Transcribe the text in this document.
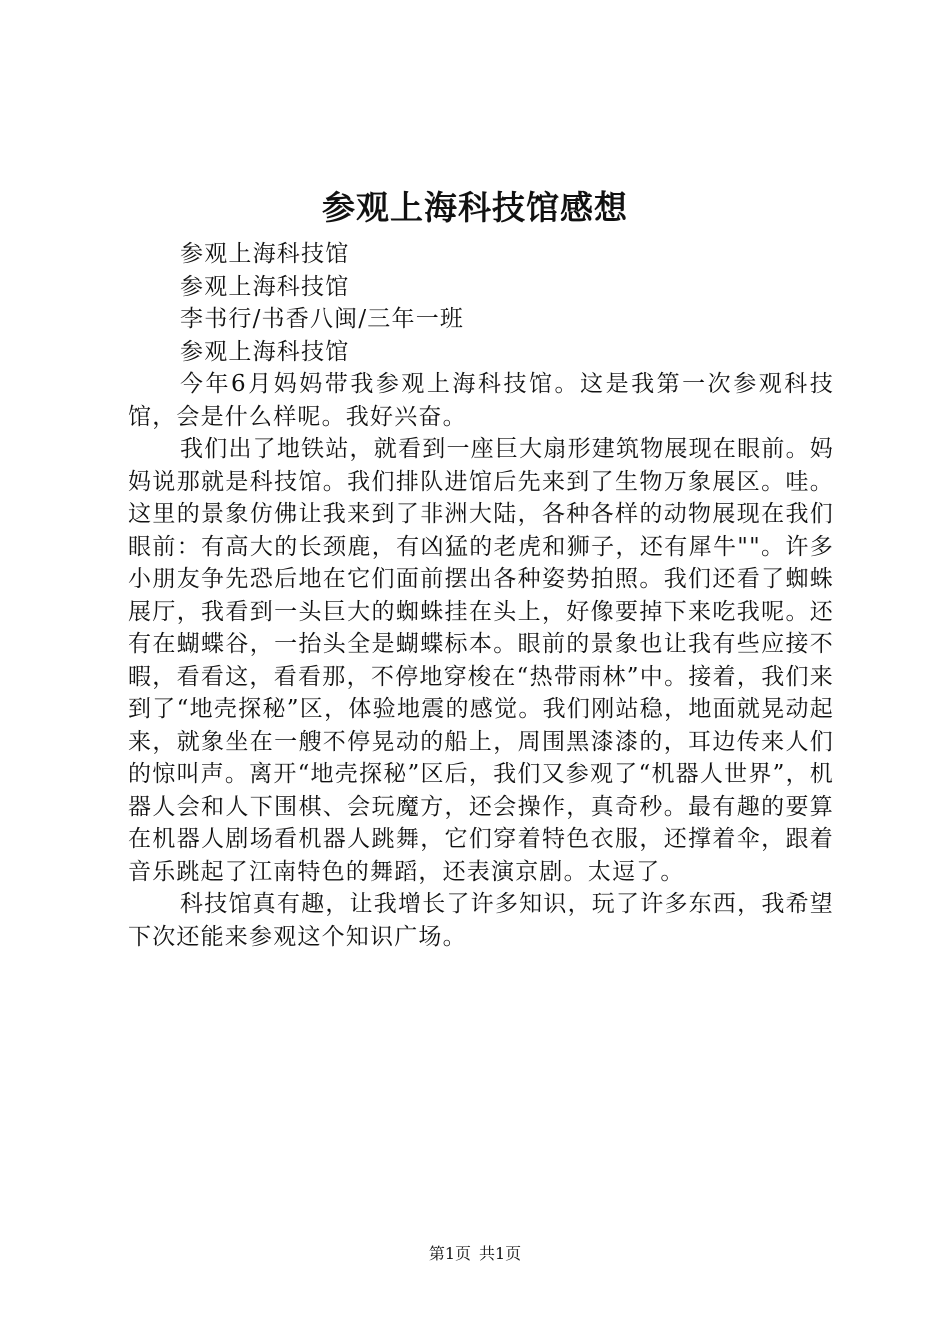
参观上海科技馆感想

参观上海科技馆

参观上海科技馆

李书行/书香八闽/三年一班

参观上海科技馆

今年6月妈妈带我参观上海科技馆。这是我第一次参观科技馆，会是什么样呢。我好兴奋。

我们出了地铁站，就看到一座巨大扇形建筑物展现在眼前。妈妈说那就是科技馆。我们排队进馆后先来到了生物万象展区。哇。这里的景象仿佛让我来到了非洲大陆，各种各样的动物展现在我们眼前：有高大的长颈鹿，有凶猛的老虎和狮子，还有犀牛""。许多小朋友争先恐后地在它们面前摆出各种姿势拍照。我们还看了蜘蛛展厅，我看到一头巨大的蜘蛛挂在头上，好像要掉下来吃我呢。还有在蝴蝶谷，一抬头全是蝴蝶标本。眼前的景象也让我有些应接不暇，看看这，看看那，不停地穿梭在“热带雨林”中。接着，我们来到了“地壳探秘”区，体验地震的感觉。我们刚站稳，地面就晃动起来，就象坐在一艘不停晃动的船上，周围黑漆漆的，耳边传来人们的惊叫声。离开“地壳探秘”区后，我们又参观了“机器人世界”，机器人会和人下围棋、会玩魔方，还会操作，真奇秒。最有趣的要算在机器人剧场看机器人跳舞，它们穿着特色衣服，还撑着伞，跟着音乐跳起了江南特色的舞蹈，还表演京剧。太逗了。

科技馆真有趣，让我增长了许多知识，玩了许多东西，我希望下次还能来参观这个知识广场。

第1页 共1页
